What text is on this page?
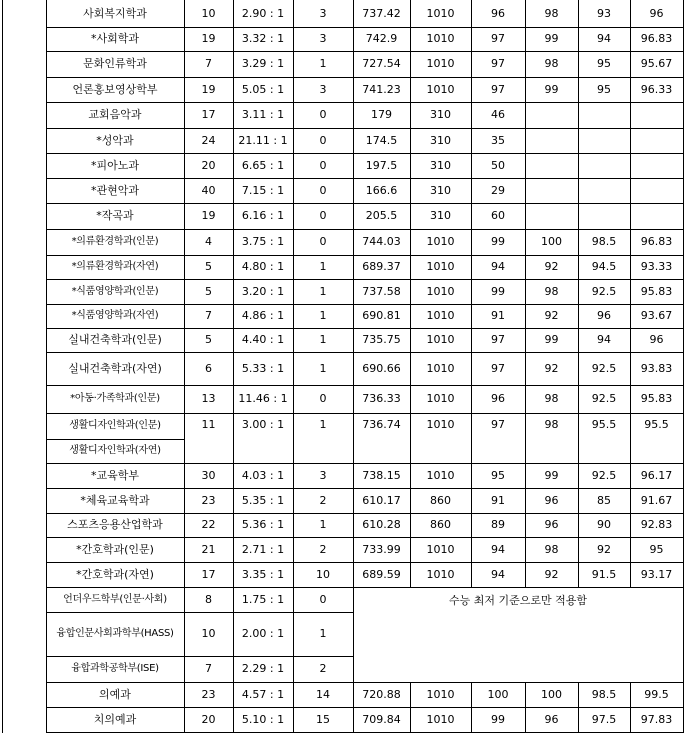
사회복지학과	10	2.90 : 1	3	737.42	1010	96	98	93	96
*사회학과	19	3.32 : 1	3	742.9	1010	97	99	94	96.83
문화인류학과	7	3.29 : 1	1	727.54	1010	97	98	95	95.67
언론홍보영상학부	19	5.05 : 1	3	741.23	1010	97	99	95	96.33
교회음악과	17	3.11 : 1	0	179	310	46
*성악과	24	21.11 : 1	0	174.5	310	35
*피아노과	20	6.65 : 1	0	197.5	310	50
*관현악과	40	7.15 : 1	0	166.6	310	29
*작곡과	19	6.16 : 1	0	205.5	310	60
*의류환경학과(인문)	4	3.75 : 1	0	744.03	1010	99	100	98.5	96.83
*의류환경학과(자연)	5	4.80 : 1	1	689.37	1010	94	92	94.5	93.33
*식품영양학과(인문)	5	3.20 : 1	1	737.58	1010	99	98	92.5	95.83
*식품영양학과(자연)	7	4.86 : 1	1	690.81	1010	91	92	96	93.67
실내건축학과(인문)	5	4.40 : 1	1	735.75	1010	97	99	94	96
실내건축학과(자연)	6	5.33 : 1	1	690.66	1010	97	92	92.5	93.83
*아동·가족학과(인문)	13	11.46 : 1	0	736.33	1010	96	98	92.5	95.83
생활디자인학과(인문)	11	3.00 : 1	1	736.74	1010	97	98	95.5	95.5
생활디자인학과(자연)
*교육학부	30	4.03 : 1	3	738.15	1010	95	99	92.5	96.17
*체육교육학과	23	5.35 : 1	2	610.17	860	91	96	85	91.67
스포츠응용산업학과	22	5.36 : 1	1	610.28	860	89	96	90	92.83
*간호학과(인문)	21	2.71 : 1	2	733.99	1010	94	98	92	95
*간호학과(자연)	17	3.35 : 1	10	689.59	1010	94	92	91.5	93.17
언더우드학부(인문·사회)	8	1.75 : 1	0
융합인문사회과학부(HASS)	10	2.00 : 1	1
융합과학공학부(ISE)	7	2.29 : 1	2
의예과	23	4.57 : 1	14	720.88	1010	100	100	98.5	99.5
치의예과	20	5.10 : 1	15	709.84	1010	99	96	97.5	97.83
수능 최저 기준으로만 적용함
